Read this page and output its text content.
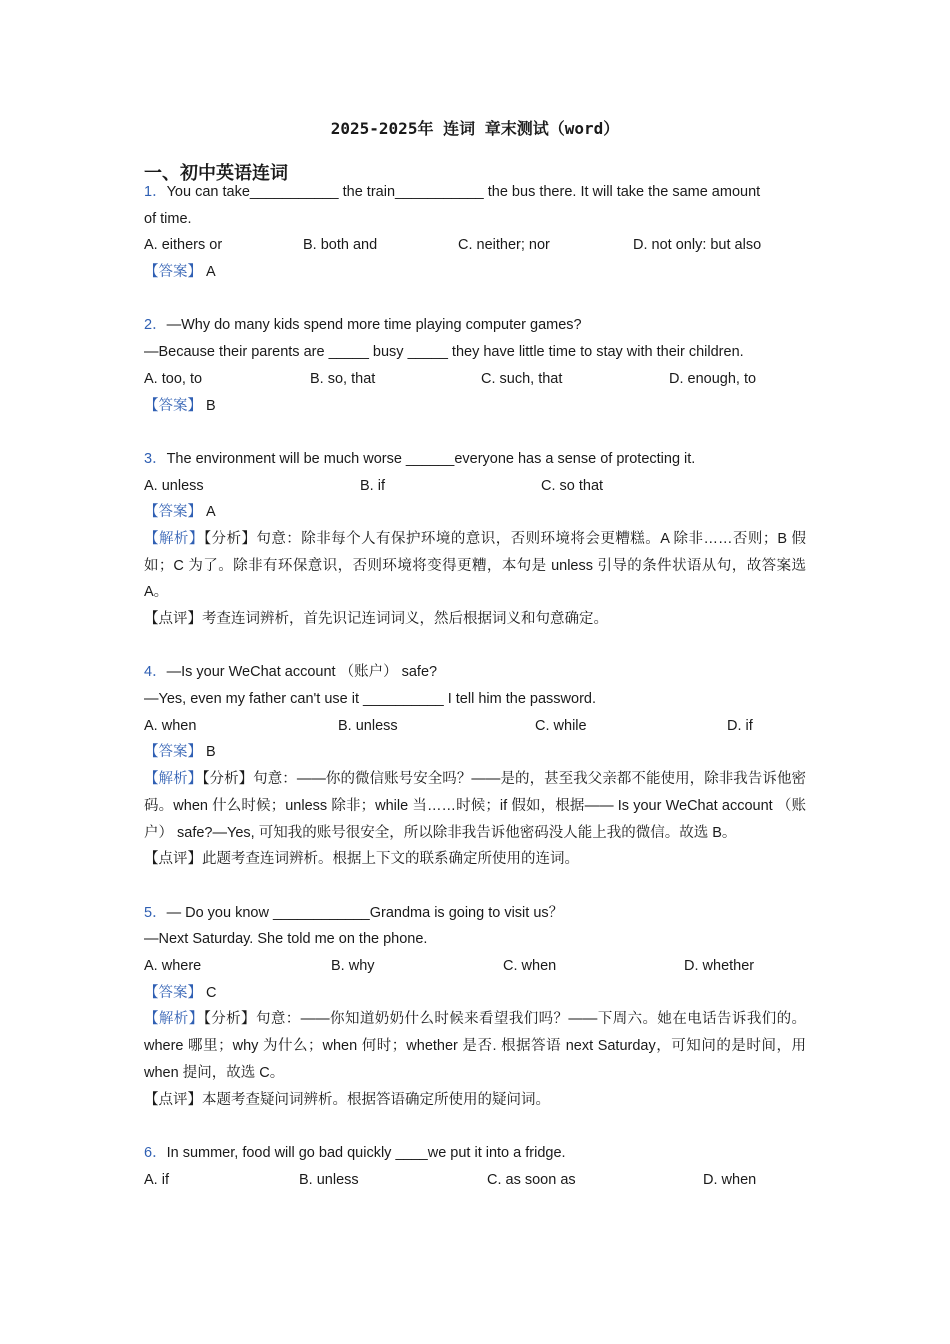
2025-2025年 连词 章末测试（word）
一、初中英语连词
1．You can take___________ the train___________ the bus there. It will take the same amount
of time.
A. eithers or	B. both and	C. neither; nor	D. not only: but also
【答案】 A
2．—Why do many kids spend more time playing computer games?
—Because their parents are _____ busy _____ they have little time to stay with their children.
A. too, to	B. so, that	C. such, that	D. enough, to
【答案】 B
3．The environment will be much worse ______everyone has a sense of protecting it.
A. unless	B. if	C. so that
【答案】 A
【解析】【分析】句意：除非每个人有保护环境的意识，否则环境将会更糟糕。A 除非……否则；B 假如；C 为了。除非有环保意识，否则环境将变得更糟，本句是 unless 引导的条件状语从句，故答案选 A。
【点评】考查连词辨析，首先识记连词词义，然后根据词义和句意确定。
4．—Is your WeChat account （账户） safe?
—Yes, even my father can't use it __________ I tell him the password.
A. when	B. unless	C. while	D. if
【答案】 B
【解析】【分析】句意：——你的微信账号安全吗？——是的，甚至我父亲都不能使用，除非我告诉他密码。when 什么时候；unless 除非；while 当……时候；if 假如，根据—— Is your WeChat account （账户） safe?—Yes, 可知我的账号很安全，所以除非我告诉他密码没人能上我的微信。故选 B。
【点评】此题考查连词辨析。根据上下文的联系确定所使用的连词。
5．— Do you know ____________Grandma is going to visit us？
—Next Saturday. She told me on the phone.
A. where	B. why	C. when	D. whether
【答案】 C
【解析】【分析】句意：——你知道奶奶什么时候来看望我们吗？——下周六。她在电话告诉我们的。where 哪里；why 为什么；when 何时；whether 是否. 根据答语 next Saturday，可知问的是时间，用 when 提问，故选 C。
【点评】本题考查疑问词辨析。根据答语确定所使用的疑问词。
6．In summer, food will go bad quickly ____we put it into a fridge.
A. if	B. unless	C. as soon as	D. when
